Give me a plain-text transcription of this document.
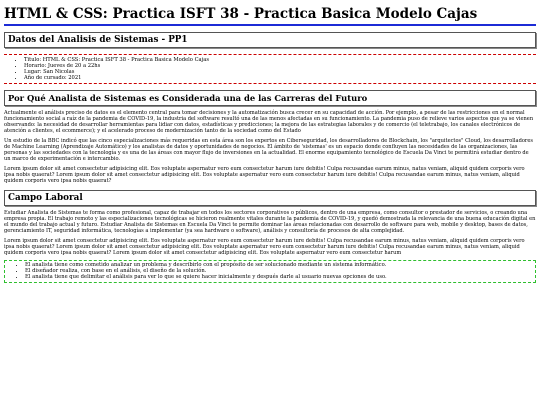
HTML & CSS: Practica ISFT 38 - Practica Basica Modelo Cajas
Datos del Analisis de Sistemas - PP1
• Titulo: HTML & CSS: Practica ISFT 38 - Practica Basica Modelo Cajas
• Horario: Jueves de 20 a 22hs
• Lugar: San Nicolas
• Año de cursado: 2021
Por Qué Analista de Sistemas es Considerada una de las Carreras del Futuro

Actualmente el análisis preciso de datos es el elemento central para tomar decisiones y la automatización busca crecer en su capacidad de acción. Por ejemplo, a pesar de las restricciones en el normal funcionamiento social a raíz de la pandemia de COVID-19, la industria del software resultó una de las menos afectadas en su funcionamiento. La pandemia puso de relieve varios aspectos que ya se vienen observando: la necesidad de desarrollar herramientas para lidiar con datos, estadísticas y predicciones; la mejora de las estrategias laborales y de comercio (el teletrabajo, los canales electrónicos de atención a clientes, el ecommerce); y el acelerado proceso de modernización tanto de la sociedad como del Estado

Un estudio de la BBC indicó que las cinco especializaciones más requeridas en esta área son los expertos en Ciberseguridad, los desarrolladores de Blockchain, los "arquitectos" Cloud, los desarrolladores de Machine Learning (Aprendizaje Automático) y los analistas de datos y oportunidades de negocios. El ámbito de 'sistemas' es un espacio donde confluyen las necesidades de las organizaciones, las personas y las sociedades con la tecnología y es una de las áreas con mayor flujo de inversiones en la actualidad. El enorme equipamiento tecnológico de Escuela Da Vinci te permitirá estudiar dentro de un marco de experimentación e intercambio.

Lorem ipsum dolor sit amet consectetur adipisicing elit. Eos voluptate aspernatur vero eum consectetur harum iure debitis! Culpa recusandae earum minus, natus veniam, aliquid quidem corporis vero ipsa nobis quaerat? Lorem ipsum dolor sit amet consectetur adipisicing elit. Eos voluptate aspernatur vero eum consectetur harum iure debitis! Culpa recusandae earum minus, natus veniam, aliquid quidem corporis vero ipsa nobis quaerat?

Campo Laboral

Estudiar Analista de Sistemas te forma como profesional, capaz de trabajar en todos los sectores corporativos o públicos, dentro de una empresa, como consultor o prestador de servicios, o creando una empresa propia. El trabajo remoto y las especializaciones tecnológicas se hicieron realmente vitales durante la pandemia de COVID-19, y quedó demostrada la relevancia de una buena educación digital en el mundo del trabajo actual y futuro. Estudiar Analista de Sistemas en Escuela Da Vinci te permite dominar las áreas relacionadas con desarrollo de software para web, mobile y desktop, bases de datos, gerenciamiento IT, seguridad informática, tecnologías a implementar (ya sea hardware o software), análisis y consultoría de procesos de alta complejidad.

Lorem ipsum dolor sit amet consectetur adipisicing elit. Eos voluptate aspernatur vero eum consectetur harum iure debitis! Culpa recusandae earum minus, natus veniam, aliquid quidem corporis vero ipsa nobis quaerat? Lorem ipsum dolor sit amet consectetur adipisicing elit. Eos voluptate aspernatur vero eum consectetur harum iure debitis! Culpa recusandae earum minus, natus veniam, aliquid quidem corporis vero ipsa nobis quaerat? Lorem ipsum dolor sit amet consectetur adipisicing elit. Eos voluptate aspernatur vero eum consectetur harum

• El analista tiene como cometido analizar un problema y describirlo con el propósito de ser solucionado mediante un sistema informático.
• El diseñador realiza, con base en el análisis, el diseño de la solución.
• El analista tiene que delimitar el análisis para ver lo que se quiere hacer inicialmente y después darle al usuario nuevas opciones de uso.
